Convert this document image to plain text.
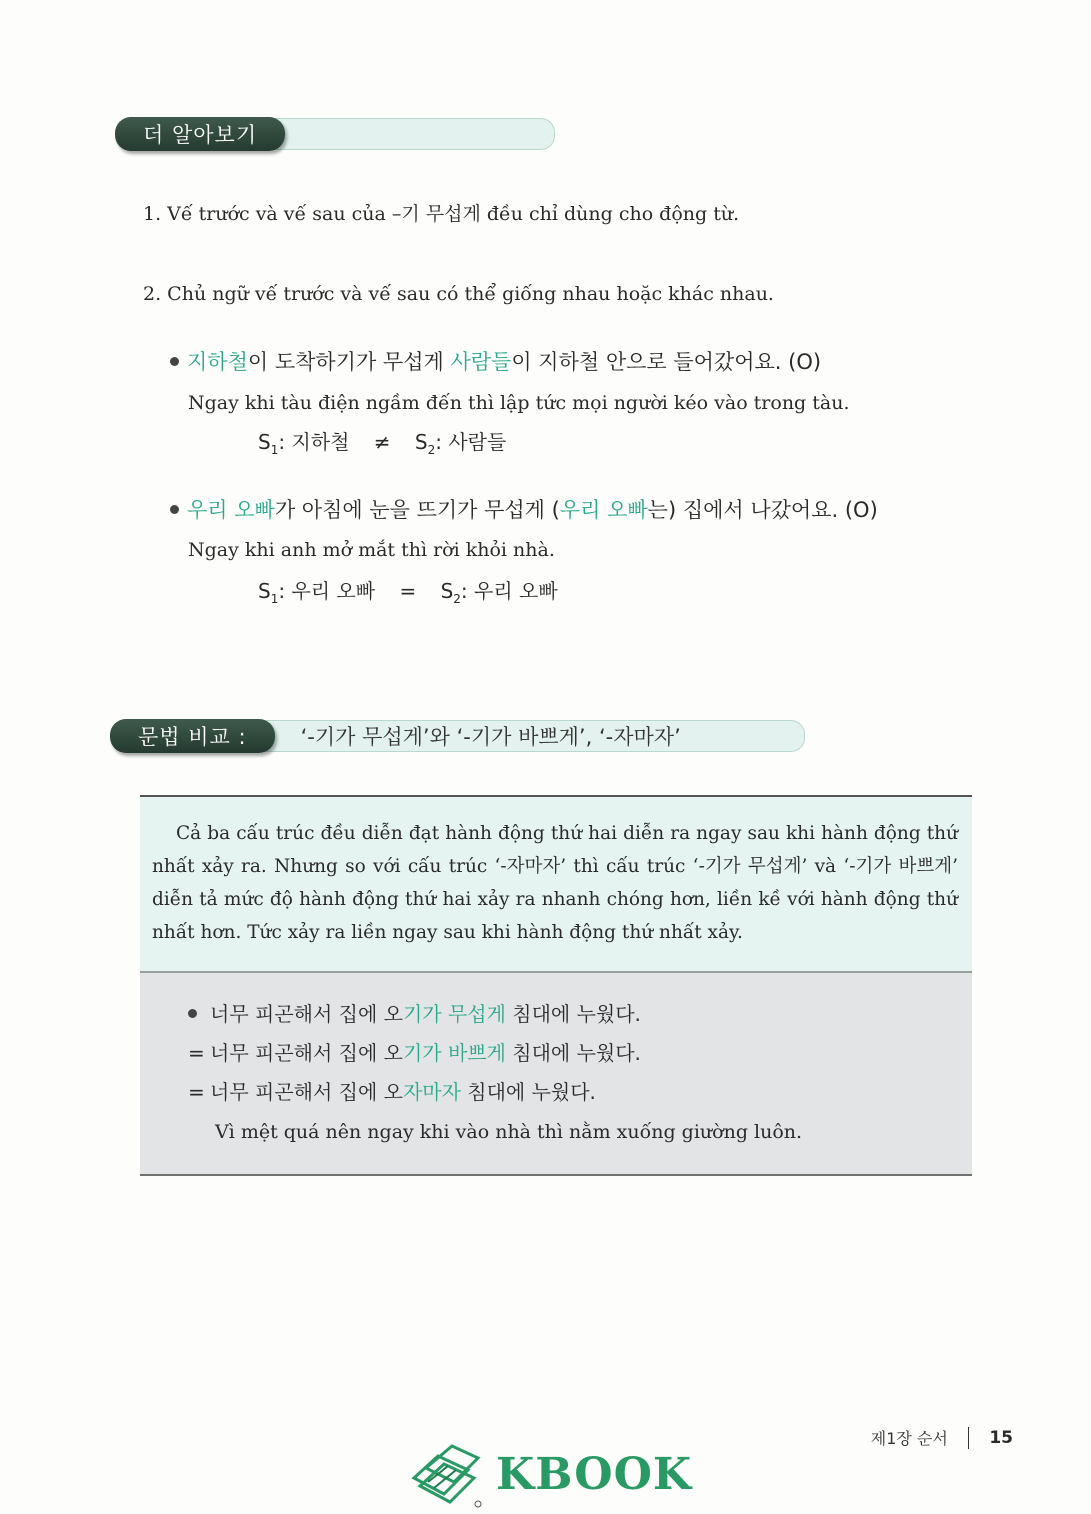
더 알아보기
1. Vế trước và vế sau của –기 무섭게 đều chỉ dùng cho động từ.
2. Chủ ngữ vế trước và vế sau có thể giống nhau hoặc khác nhau.
지하철이 도착하기가 무섭게 사람들이 지하철 안으로 들어갔어요. (O)
Ngay khi tàu điện ngầm đến thì lập tức mọi người kéo vào trong tàu.
$S_1$: 지하철 ≠ $S_2$: 사람들
우리 오빠가 아침에 눈을 뜨기가 무섭게 (우리 오빠는) 집에서 나갔어요. (O)
Ngay khi anh mở mắt thì rời khỏi nhà.
$S_1$: 우리 오빠 = $S_2$: 우리 오빠
문법 비교 :	‘-기가 무섭게’와 ‘-기가 바쁘게’, ‘-자마자’

Cả ba cấu trúc đều diễn đạt hành động thứ hai diễn ra ngay sau khi hành động thứ nhất xảy ra. Nhưng so với cấu trúc ‘-자마자’ thì cấu trúc ‘-기가 무섭게’ và ‘-기가 바쁘게’ diễn tả mức độ hành động thứ hai xảy ra nhanh chóng hơn, liền kề với hành động thứ nhất hơn. Tức xảy ra liền ngay sau khi hành động thứ nhất xảy.

너무 피곤해서 집에 오기가 무섭게 침대에 누웠다.
= 너무 피곤해서 집에 오기가 바쁘게 침대에 누웠다.
= 너무 피곤해서 집에 오자마자 침대에 누웠다.
Vì mệt quá nên ngay khi vào nhà thì nằm xuống giường luôn.
제1장 순서 15
KBOOK
